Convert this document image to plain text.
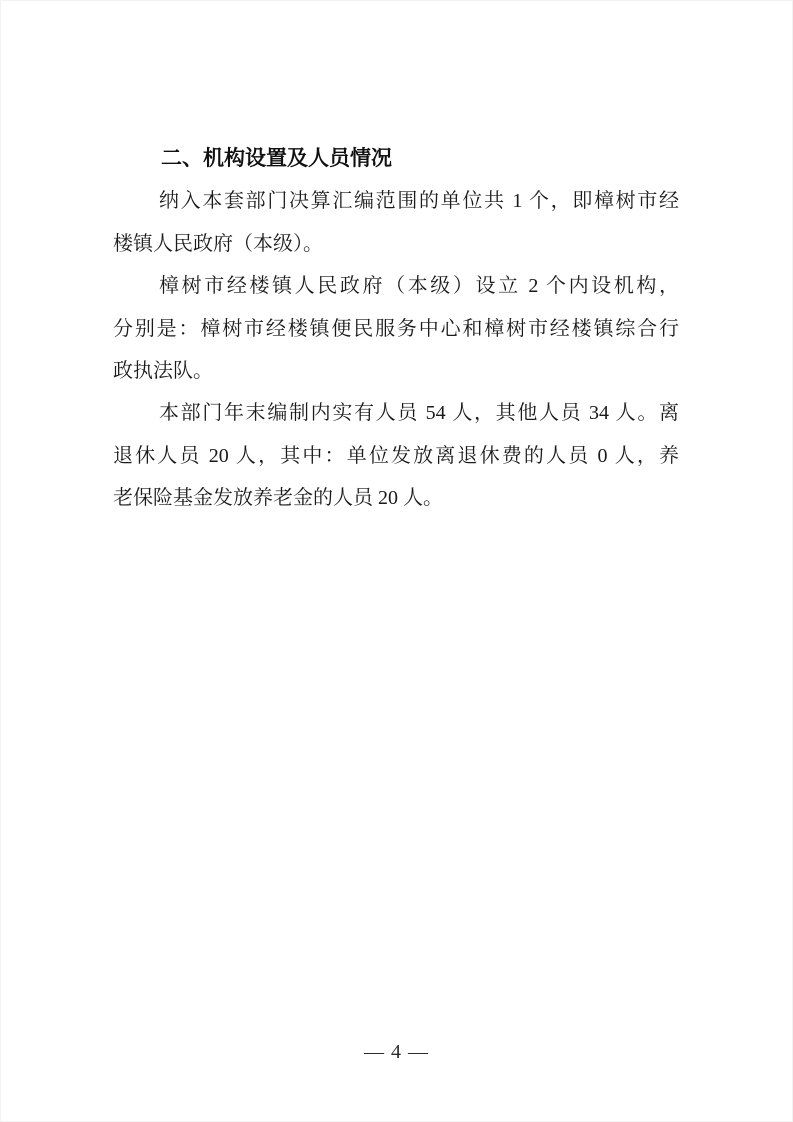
二、机构设置及人员情况
纳入本套部门决算汇编范围的单位共 1 个，即樟树市经
楼镇人民政府（本级）。
樟树市经楼镇人民政府（本级）设立 2 个内设机构，
分别是：樟树市经楼镇便民服务中心和樟树市经楼镇综合行
政执法队。
本部门年末编制内实有人员 54 人，其他人员 34 人。离
退休人员 20 人，其中：单位发放离退休费的人员 0 人，养
老保险基金发放养老金的人员 20 人。
— 4 —
